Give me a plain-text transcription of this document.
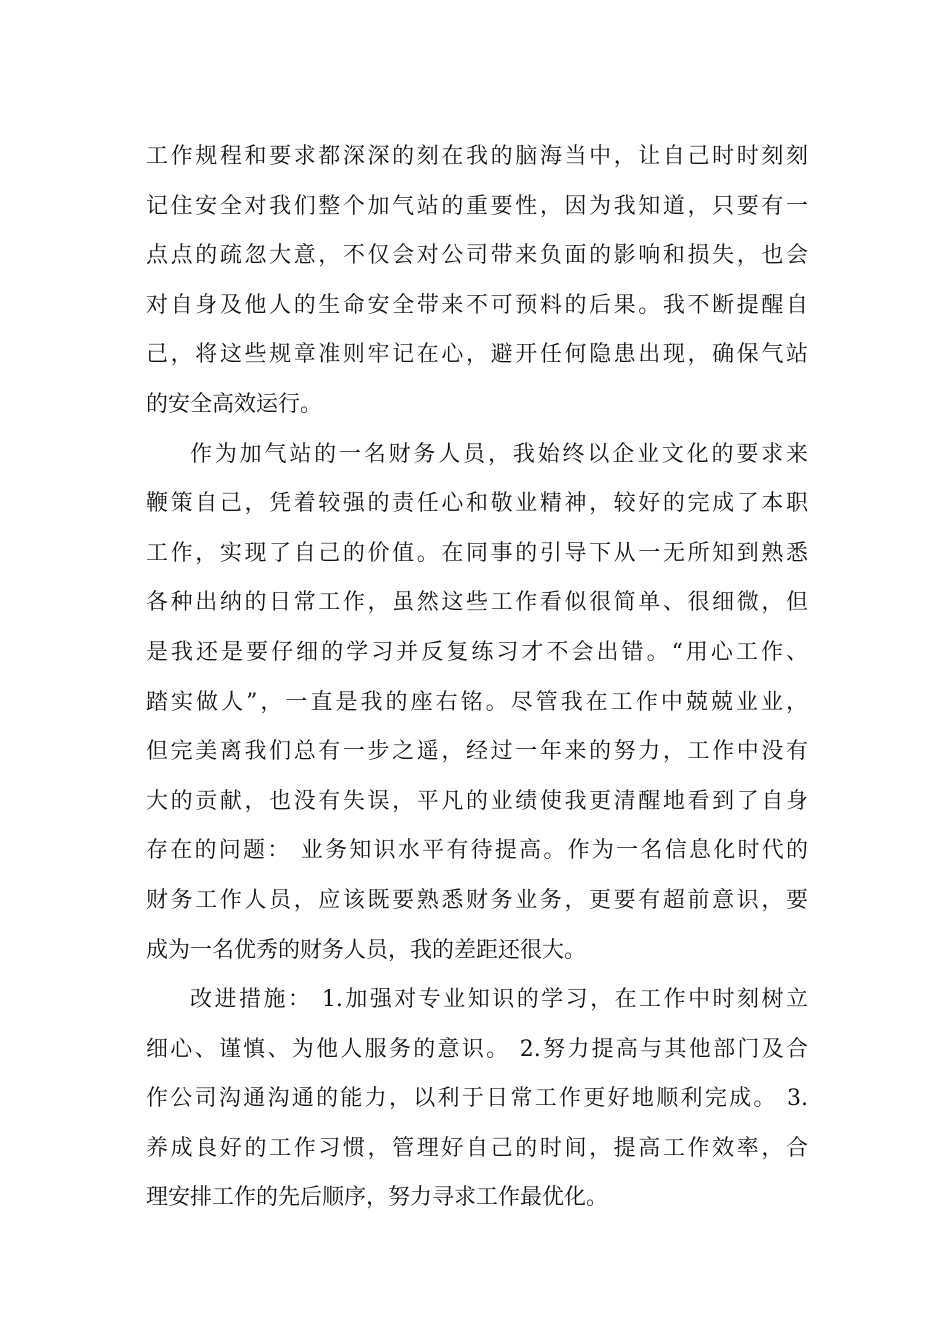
工作规程和要求都深深的刻在我的脑海当中，让自己时时刻刻
记住安全对我们整个加气站的重要性，因为我知道，只要有一
点点的疏忽大意，不仅会对公司带来负面的影响和损失，也会
对自身及他人的生命安全带来不可预料的后果。我不断提醒自
己，将这些规章准则牢记在心，避开任何隐患出现，确保气站
的安全高效运行。
作为加气站的一名财务人员，我始终以企业文化的要求来
鞭策自己，凭着较强的责任心和敬业精神，较好的完成了本职
工作，实现了自己的价值。在同事的引导下从一无所知到熟悉
各种出纳的日常工作，虽然这些工作看似很简单、很细微，但
是我还是要仔细的学习并反复练习才不会出错。“用心工作、
踏实做人”，一直是我的座右铭。尽管我在工作中兢兢业业，
但完美离我们总有一步之遥，经过一年来的努力，工作中没有
大的贡献，也没有失误，平凡的业绩使我更清醒地看到了自身
存在的问题： 业务知识水平有待提高。作为一名信息化时代的
财务工作人员，应该既要熟悉财务业务，更要有超前意识，要
成为一名优秀的财务人员，我的差距还很大。
改进措施： 1.加强对专业知识的学习，在工作中时刻树立
细心、谨慎、为他人服务的意识。 2.努力提高与其他部门及合
作公司沟通沟通的能力，以利于日常工作更好地顺利完成。 3.
养成良好的工作习惯，管理好自己的时间，提高工作效率，合
理安排工作的先后顺序，努力寻求工作最优化。
